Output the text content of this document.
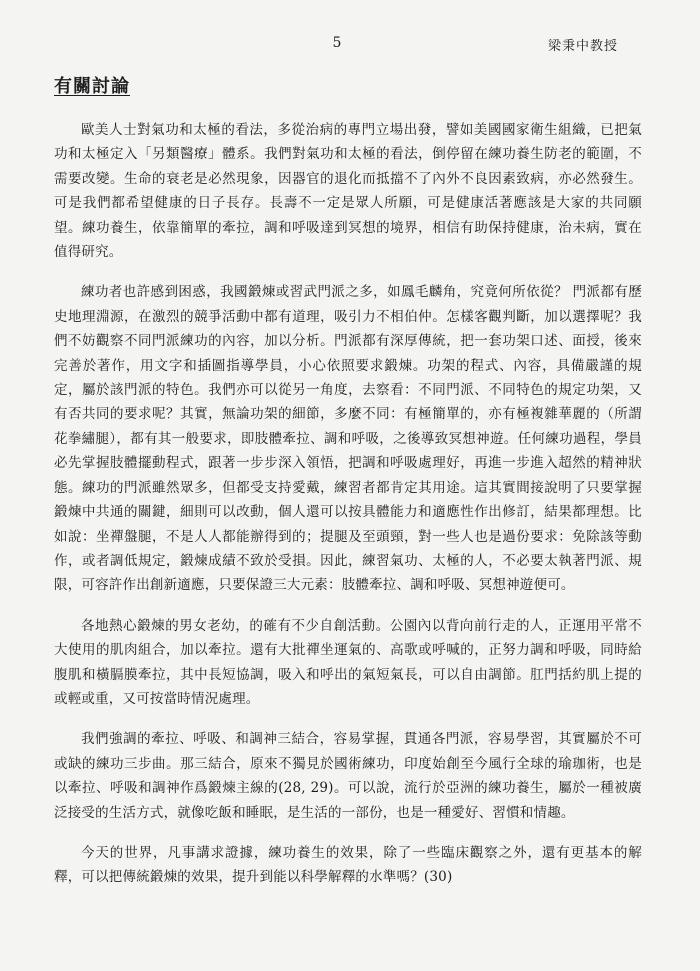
5	梁秉中教授
有關討論

歐美人士對氣功和太極的看法，多從治病的專門立場出發，譬如美國國家衛生組織，已把氣功和太極定入「另類醫療」體系。我們對氣功和太極的看法，倒停留在練功養生防老的範圍，不需要改變。生命的衰老是必然現象，因器官的退化而抵擋不了內外不良因素致病，亦必然發生。可是我們都希望健康的日子長存。長壽不一定是眾人所願，可是健康活著應該是大家的共同願望。練功養生，依靠簡單的牽拉，調和呼吸達到冥想的境界，相信有助保持健康，治未病，實在值得研究。

練功者也許感到困惑，我國鍛煉或習武門派之多，如鳳毛麟角，究竟何所依從？ 門派都有歷史地理淵源，在激烈的競爭活動中都有道理，吸引力不相伯仲。怎樣客觀判斷，加以選擇呢？我們不妨觀察不同門派練功的內容，加以分析。門派都有深厚傳統，把一套功架口述、面授，後來完善於著作，用文字和插圖指導學員，小心依照要求鍛煉。功架的程式、內容，具備嚴謹的規定，屬於該門派的特色。我們亦可以從另一角度，去察看：不同門派、不同特色的規定功架，又有否共同的要求呢？其實，無論功架的細節，多麼不同：有極簡單的，亦有極複雜華麗的（所謂花拳繡腿），都有其一般要求，即肢體牽拉、調和呼吸，之後導致冥想神遊。任何練功過程，學員必先掌握肢體擺動程式，跟著一步步深入領悟，把調和呼吸處理好，再進一步進入超然的精神狀態。練功的門派雖然眾多，但都受支持愛戴，練習者都肯定其用途。這其實間接說明了只要掌握鍛煉中共通的關鍵，細則可以改動，個人還可以按具體能力和適應性作出修訂，結果都理想。比如說：坐禪盤腿，不是人人都能辦得到的；提腿及至頭頸，對一些人也是過份要求：免除該等動作，或者調低規定，鍛煉成績不致於受損。因此，練習氣功、太極的人，不必要太執著門派、規限，可容許作出創新適應，只要保證三大元素：肢體牽拉、調和呼吸、冥想神遊便可。

各地熱心鍛煉的男女老幼，的確有不少自創活動。公園內以背向前行走的人，正運用平常不大使用的肌肉組合，加以牽拉。還有大批禪坐運氣的、高歌或呼喊的，正努力調和呼吸，同時給腹肌和橫膈膜牽拉，其中長短協調，吸入和呼出的氣短氣長，可以自由調節。肛門括約肌上提的或輕或重，又可按當時情況處理。

我們強調的牽拉、呼吸、和調神三結合，容易掌握，貫通各門派，容易學習，其實屬於不可或缺的練功三步曲。那三結合，原來不獨見於國術練功，印度始創至今風行全球的瑜珈術，也是以牽拉、呼吸和調神作爲鍛煉主線的(28, 29)。可以說，流行於亞洲的練功養生，屬於一種被廣泛接受的生活方式，就像吃飯和睡眠，是生活的一部份，也是一種愛好、習慣和情趣。

今天的世界，凡事講求證據，練功養生的效果，除了一些臨床觀察之外，還有更基本的解釋，可以把傳統鍛煉的效果，提升到能以科學解釋的水準嗎？(30)
